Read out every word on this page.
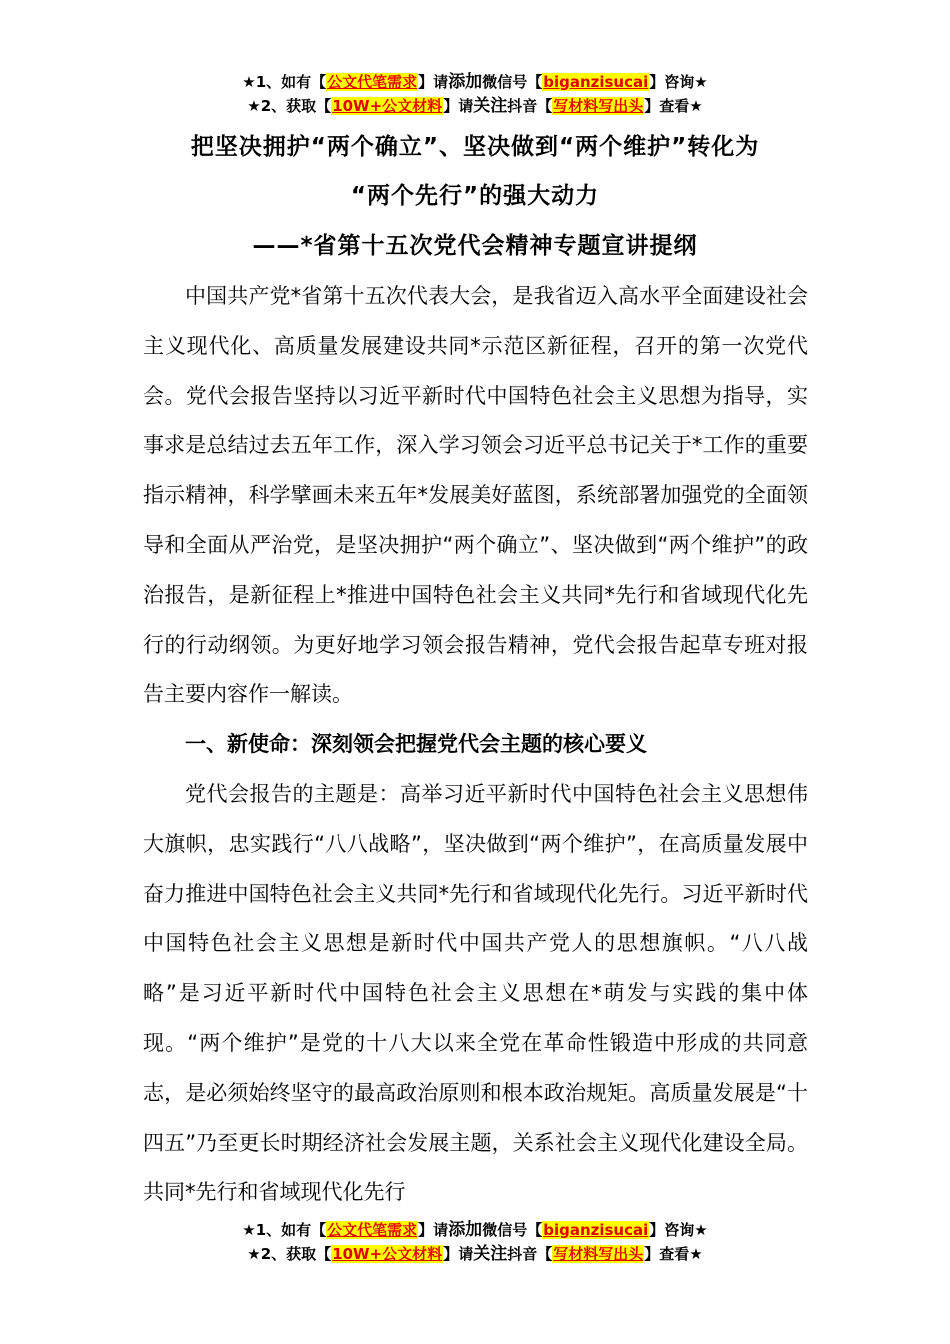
★1、如有【公文代笔需求】请添加微信号【biganzisucai】咨询★
★2、获取【10W+公文材料】请关注抖音【写材料写出头】查看★
把坚决拥护“两个确立”、坚决做到“两个维护”转化为
“两个先行”的强大动力
——*省第十五次党代会精神专题宣讲提纲

中国共产党*省第十五次代表大会，是我省迈入高水平全面建设社会主义现代化、高质量发展建设共同*示范区新征程，召开的第一次党代会。党代会报告坚持以习近平新时代中国特色社会主义思想为指导，实事求是总结过去五年工作，深入学习领会习近平总书记关于*工作的重要指示精神，科学擘画未来五年*发展美好蓝图，系统部署加强党的全面领导和全面从严治党，是坚决拥护“两个确立”、坚决做到“两个维护”的政治报告，是新征程上*推进中国特色社会主义共同*先行和省域现代化先行的行动纲领。为更好地学习领会报告精神，党代会报告起草专班对报告主要内容作一解读。

一、新使命：深刻领会把握党代会主题的核心要义

党代会报告的主题是：高举习近平新时代中国特色社会主义思想伟大旗帜，忠实践行“八八战略”，坚决做到“两个维护”，在高质量发展中奋力推进中国特色社会主义共同*先行和省域现代化先行。习近平新时代中国特色社会主义思想是新时代中国共产党人的思想旗帜。“八八战略”是习近平新时代中国特色社会主义思想在*萌发与实践的集中体现。“两个维护”是党的十八大以来全党在革命性锻造中形成的共同意志，是必须始终坚守的最高政治原则和根本政治规矩。高质量发展是“十四五”乃至更长时期经济社会发展主题，关系社会主义现代化建设全局。共同*先行和省域现代化先行

★1、如有【公文代笔需求】请添加微信号【biganzisucai】咨询★
★2、获取【10W+公文材料】请关注抖音【写材料写出头】查看★
